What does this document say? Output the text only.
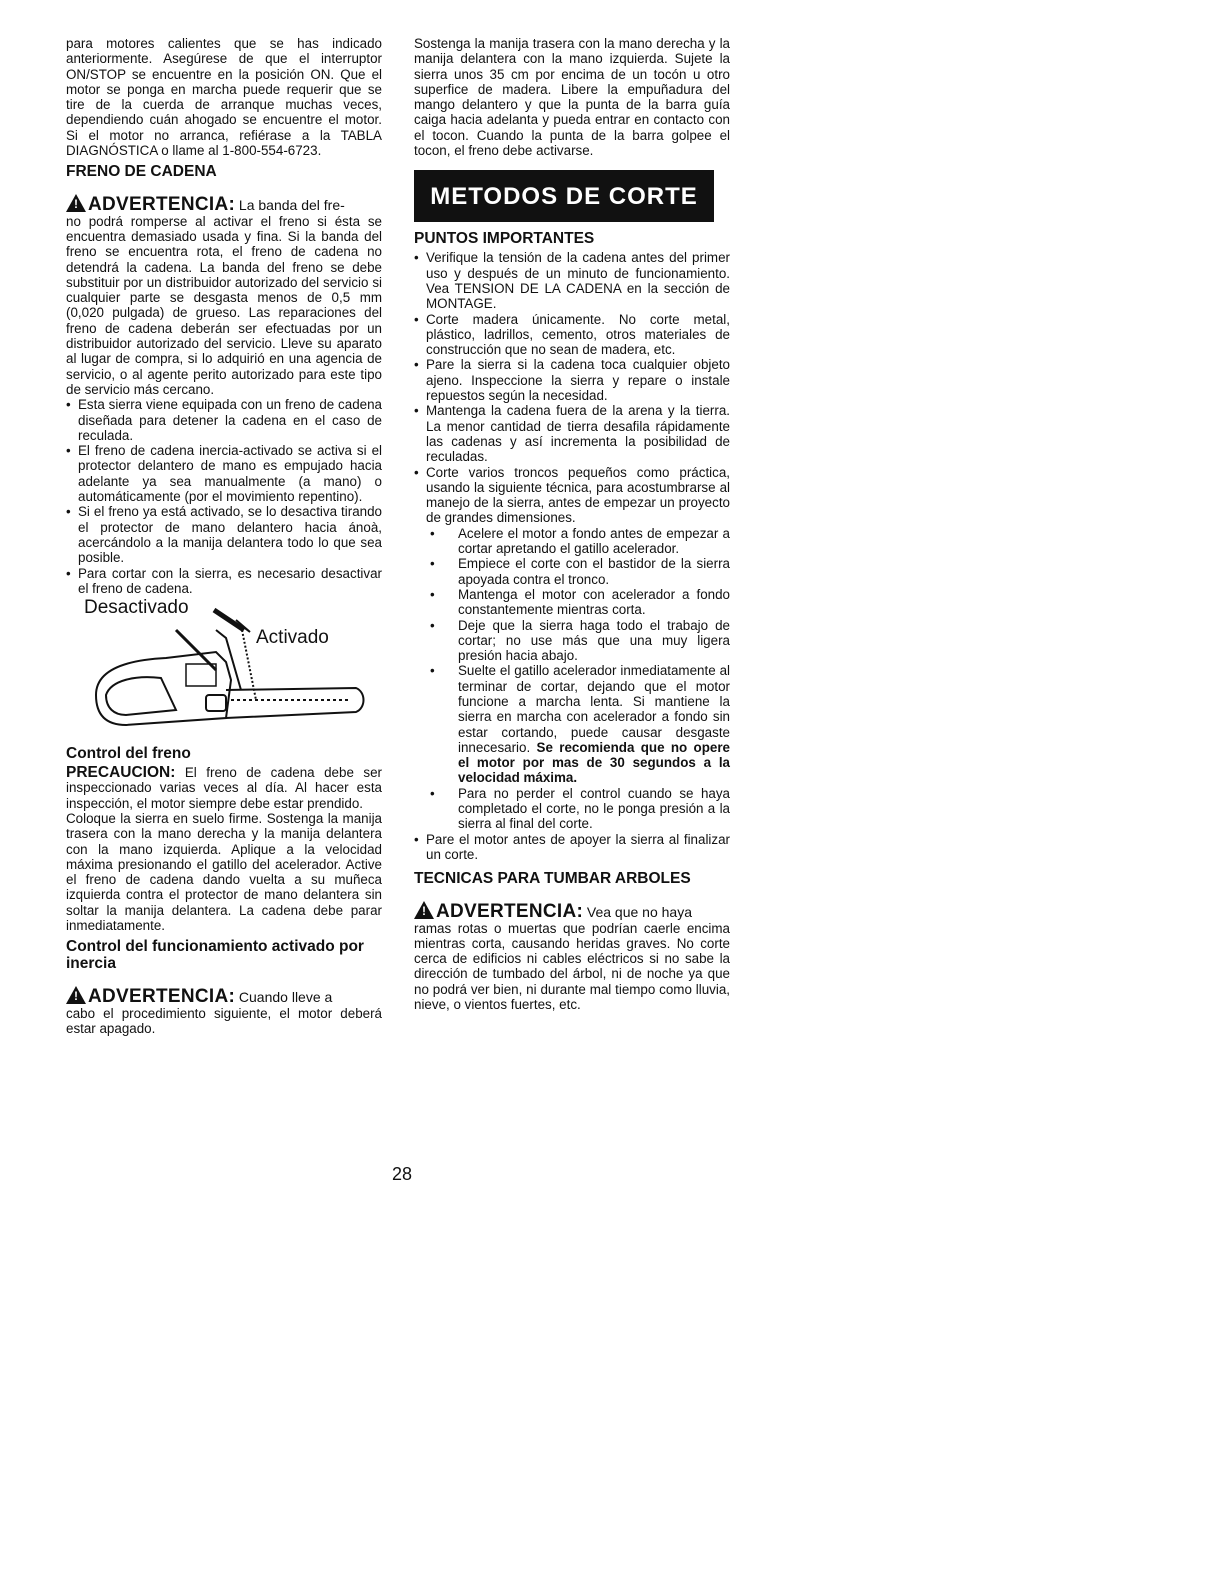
para motores calientes que se has indicado anteriormente. Asegúrese de que el interruptor ON/STOP se encuentre en la posición ON. Que el motor se ponga en marcha puede requerir que se tire de la cuerda de arranque muchas veces, dependiendo cuán ahogado se encuentre el motor. Si el motor no arranca, refiérase a la TABLA DIAGNÓSTICA o llame al 1-800-554-6723.

FRENO DE CADENA
!ADVERTENCIA: La banda del fre-

no podrá romperse al activar el freno si ésta se encuentra demasiado usada y fina. Si la banda del freno se encuentra rota, el freno de cadena no detendrá la cadena. La banda del freno se debe substituir por un distribuidor autorizado del servicio si cualquier parte se desgasta menos de 0,5 mm (0,020 pulgada) de grueso. Las reparaciones del freno de cadena deberán ser efectuadas por un distribuidor autorizado del servicio. Lleve su aparato al lugar de compra, si lo adquirió en una agencia de servicio, o al agente perito autorizado para este tipo de servicio más cercano.

• Esta sierra viene equipada con un freno de cadena diseñada para detener la cadena en el caso de reculada.
• El freno de cadena inercia-activado se activa si el protector delantero de mano es empujado hacia adelante ya sea manualmente (a mano) o automáticamente (por el movimiento repentino).
• Si el freno ya está activado, se lo desactiva tirando el protector de mano delantero hacia ánoà, acercándolo a la manija delantera todo lo que sea posible.
• Para cortar con la sierra, es necesario desactivar el freno de cadena.
Desactivado
Activado
Control del freno

PRECAUCION: El freno de cadena debe ser inspeccionado varias veces al día. Al hacer esta inspección, el motor siempre debe estar prendido.

Coloque la sierra en suelo firme. Sostenga la manija trasera con la mano derecha y la manija delantera con la mano izquierda. Aplique a la velocidad máxima presionando el gatillo del acelerador. Active el freno de cadena dando vuelta a su muñeca izquierda contra el protector de mano delantera sin soltar la manija delantera. La cadena debe parar inmediatamente.

Control del funcionamiento activado por inercia
!ADVERTENCIA: Cuando lleve a

cabo el procedimiento siguiente, el motor deberá estar apagado.

Sostenga la manija trasera con la mano derecha y la manija delantera con la mano izquierda. Sujete la sierra unos 35 cm por encima de un tocón u otro superfice de madera. Libere la empuñadura del mango delantero y que la punta de la barra guía caiga hacia adelanta y pueda entrar en contacto con el tocon. Cuando la punta de la barra golpee el tocon, el freno debe activarse.

METODOS DE CORTE
PUNTOS IMPORTANTES
• Verifique la tensión de la cadena antes del primer uso y después de un minuto de funcionamiento. Vea TENSION DE LA CADENA en la sección de MONTAGE.
• Corte madera únicamente. No corte metal, plástico, ladrillos, cemento, otros materiales de construcción que no sean de madera, etc.
• Pare la sierra si la cadena toca cualquier objeto ajeno. Inspeccione la sierra y repare o instale repuestos según la necesidad.
• Mantenga la cadena fuera de la arena y la tierra. La menor cantidad de tierra desafila rápidamente las cadenas y así incrementa la posibilidad de reculadas.
• Corte varios troncos pequeños como práctica, usando la siguiente técnica, para acostumbrarse al manejo de la sierra, antes de empezar un proyecto de grandes dimensiones.
• Acelere el motor a fondo antes de empezar a cortar apretando el gatillo acelerador.
• Empiece el corte con el bastidor de la sierra apoyada contra el tronco.
• Mantenga el motor con acelerador a fondo constantemente mientras corta.
• Deje que la sierra haga todo el trabajo de cortar; no use más que una muy ligera presión hacia abajo.
• Suelte el gatillo acelerador inmediatamente al terminar de cortar, dejando que el motor funcione a marcha lenta. Si mantiene la sierra en marcha con acelerador a fondo sin estar cortando, puede causar desgaste innecesario. Se recomienda que no opere el motor por mas de 30 segundos a la velocidad máxima.
• Para no perder el control cuando se haya completado el corte, no le ponga presión a la sierra al final del corte.
• Pare el motor antes de apoyer la sierra al finalizar un corte.
TECNICAS PARA TUMBAR ARBOLES
!ADVERTENCIA: Vea que no haya

ramas rotas o muertas que podrían caerle encima mientras corta, causando heridas graves. No corte cerca de edificios ni cables eléctricos si no sabe la dirección de tumbado del árbol, ni de noche ya que no podrá ver bien, ni durante mal tiempo como lluvia, nieve, o vientos fuertes, etc.

28
